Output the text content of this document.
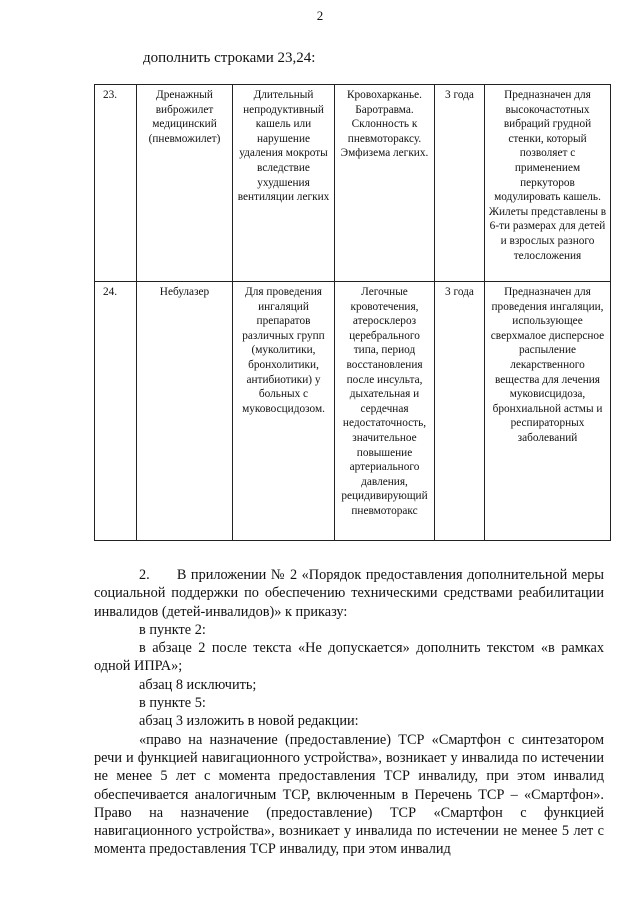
2
дополнить строками 23,24:
23.	Дренажный виброжилет медицинский (пневможилет)	Длительный непродуктивный кашель или нарушение удаления мокроты вследствие ухудшения вентиляции легких	Кровохарканье. Баротравма. Склонность к пневмотораксу. Эмфизема легких.	3 года	Предназначен для высокочастотных вибраций грудной стенки, который позволяет с применением перкуторов модулировать кашель. Жилеты представлены в 6-ти размерах для детей и взрослых разного телосложения
24.	Небулазер	Для проведения ингаляций препаратов различных групп (муколитики, бронхолитики, антибиотики) у больных с муковосцидозом.	Легочные кровотечения, атеросклероз церебрального типа, период восстановления после инсульта, дыхательная и сердечная недостаточность, значительное повышение артериального давления, рецидивирующий пневмоторакс	3 года	Предназначен для проведения ингаляции, использующее сверхмалое дисперсное распыление лекарственного вещества для лечения муковисцидоза, бронхиальной астмы и респираторных заболеваний

2.      В приложении № 2 «Порядок предоставления дополнительной меры социальной поддержки по обеспечению техническими средствами реабилитации инвалидов (детей-инвалидов)» к приказу:

в пункте 2:

в абзаце 2 после текста «Не допускается» дополнить текстом «в рамках одной ИПРА»;

абзац 8 исключить;

в пункте 5:

абзац 3 изложить в новой редакции:

«право на назначение (предоставление) ТСР «Смартфон с синтезатором речи и функцией навигационного устройства», возникает у инвалида по истечении не менее 5 лет с момента предоставления ТСР инвалиду, при этом инвалид обеспечивается аналогичным ТСР, включенным в Перечень ТСР – «Смартфон». Право на назначение (предоставление) ТСР «Смартфон с функцией навигационного устройства», возникает у инвалида по истечении не менее 5 лет с момента предоставления ТСР инвалиду, при этом инвалид
